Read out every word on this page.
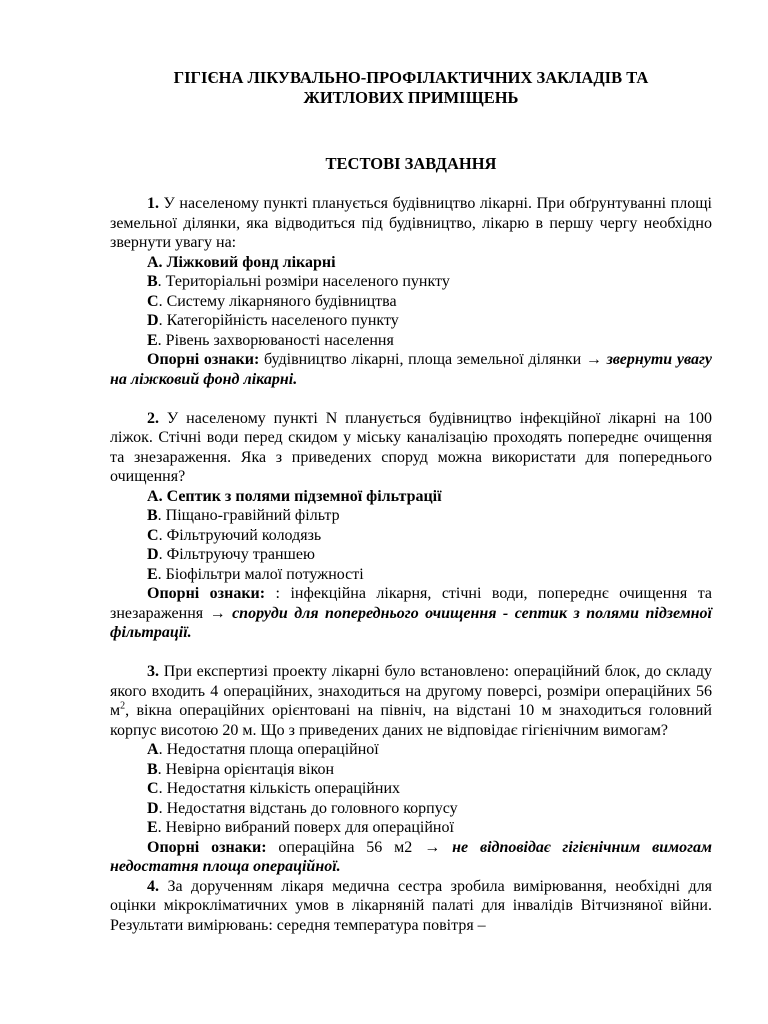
ГІГІЄНА ЛІКУВАЛЬНО-ПРОФІЛАКТИЧНИХ ЗАКЛАДІВ ТА
ЖИТЛОВИХ ПРИМІЩЕНЬ

ТЕСТОВІ ЗАВДАННЯ

1. У населеному пункті планується будівництво лікарні. При обґрунтуванні площі земельної ділянки, яка відводиться під будівництво, лікарю в першу чергу необхідно звернути увагу на:

A. Ліжковий фонд лікарні

B. Територіальні розміри населеного пункту

C. Систему лікарняного будівництва

D. Категорійність населеного пункту

E. Рівень захворюваності населення

Опорні ознаки: будівництво лікарні, площа земельної ділянки → звернути увагу на ліжковий фонд лікарні.

2. У населеному пункті N планується будівництво інфекційної лікарні на 100 ліжок. Стічні води перед скидом у міську каналізацію проходять попереднє очищення та знезараження. Яка з приведених споруд можна використати для попереднього очищення?

A. Септик з полями підземної фільтрації

B. Піщано-гравійний фільтр

C. Фільтруючий колодязь

D. Фільтруючу траншею

E. Біофільтри малої потужності

Опорні ознаки: : інфекційна лікарня, стічні води, попереднє очищення та знезараження → споруди для попереднього очищення - септик з полями підземної фільтрації.

3. При експертизі проекту лікарні було встановлено: операційний блок, до складу якого входить 4 операційних, знаходиться на другому поверсі, розміри операційних 56 $м^2$, вікна операційних орієнтовані на північ, на відстані 10 м знаходиться головний корпус висотою 20 м. Що з приведених даних не відповідає гігієнічним вимогам?

A. Недостатня площа операційної

B. Невірна орієнтація вікон

C. Недостатня кількість операційних

D. Недостатня відстань до головного корпусу

E. Невірно вибраний поверх для операційної

Опорні ознаки: операційна 56 м2 → не відповідає гігієнічним вимогам недостатня площа операційної.

4. За дорученням лікаря медична сестра зробила вимірювання, необхідні для оцінки мікрокліматичних умов в лікарняній палаті для інвалідів Вітчизняної війни. Результати вимірювань: середня температура повітря –
